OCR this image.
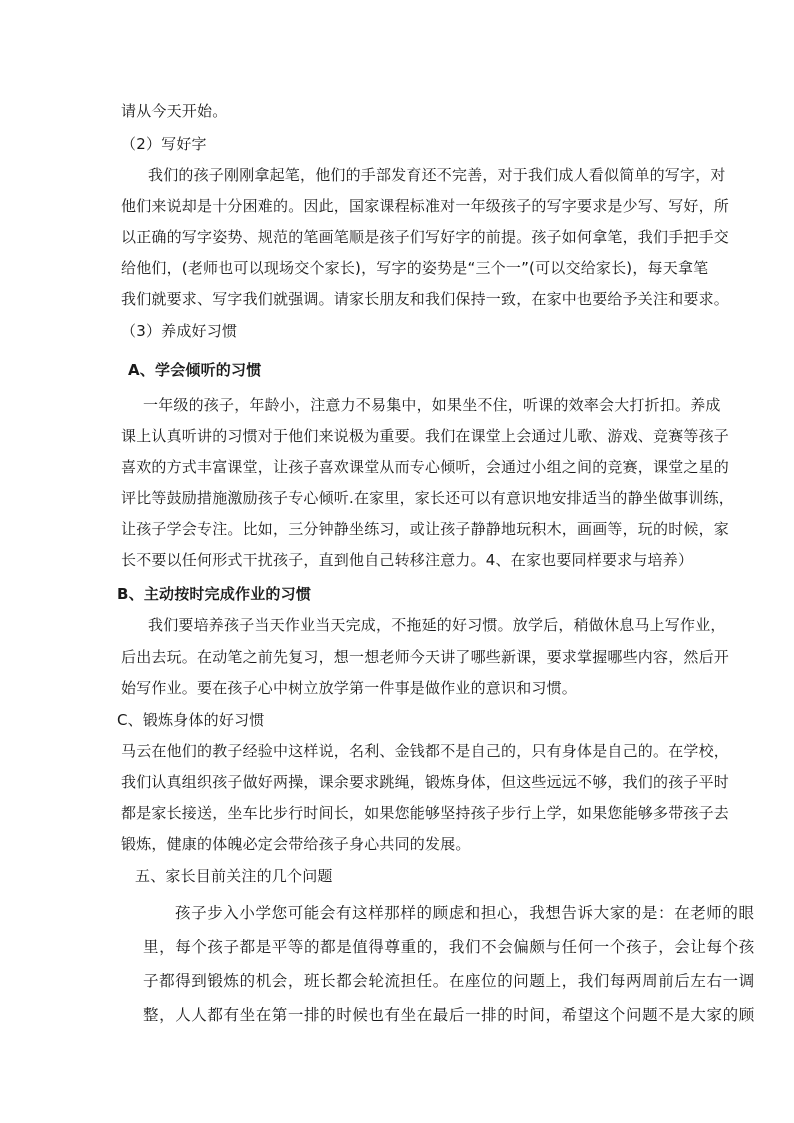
请从今天开始。
（2）写好字
我们的孩子刚刚拿起笔，他们的手部发育还不完善，对于我们成人看似简单的写字，对
他们来说却是十分困难的。因此，国家课程标准对一年级孩子的写字要求是少写、写好，所
以正确的写字姿势、规范的笔画笔顺是孩子们写好字的前提。孩子如何拿笔，我们手把手交
给他们，(老师也可以现场交个家长)，写字的姿势是“三个一”(可以交给家长)，每天拿笔
我们就要求、写字我们就强调。请家长朋友和我们保持一致，在家中也要给予关注和要求。
（3）养成好习惯
A、学会倾听的习惯
一年级的孩子，年龄小，注意力不易集中，如果坐不住，听课的效率会大打折扣。养成
课上认真听讲的习惯对于他们来说极为重要。我们在课堂上会通过儿歌、游戏、竞赛等孩子
喜欢的方式丰富课堂，让孩子喜欢课堂从而专心倾听，会通过小组之间的竞赛，课堂之星的
评比等鼓励措施激励孩子专心倾听.在家里，家长还可以有意识地安排适当的静坐做事训练，
让孩子学会专注。比如，三分钟静坐练习，或让孩子静静地玩积木，画画等，玩的时候，家
长不要以任何形式干扰孩子，直到他自己转移注意力。4、在家也要同样要求与培养）
B、主动按时完成作业的习惯
我们要培养孩子当天作业当天完成，不拖延的好习惯。放学后，稍做休息马上写作业，
后出去玩。在动笔之前先复习，想一想老师今天讲了哪些新课，要求掌握哪些内容，然后开
始写作业。要在孩子心中树立放学第一件事是做作业的意识和习惯。
C、锻炼身体的好习惯
马云在他们的教子经验中这样说，名利、金钱都不是自己的，只有身体是自己的。在学校，
我们认真组织孩子做好两操，课余要求跳绳，锻炼身体，但这些远远不够，我们的孩子平时
都是家长接送，坐车比步行时间长，如果您能够坚持孩子步行上学，如果您能够多带孩子去
锻炼，健康的体魄必定会带给孩子身心共同的发展。
五、家长目前关注的几个问题
孩子步入小学您可能会有这样那样的顾虑和担心，我想告诉大家的是：在老师的眼
里，每个孩子都是平等的都是值得尊重的，我们不会偏颇与任何一个孩子，会让每个孩
子都得到锻炼的机会，班长都会轮流担任。在座位的问题上，我们每两周前后左右一调
整，人人都有坐在第一排的时候也有坐在最后一排的时间，希望这个问题不是大家的顾
